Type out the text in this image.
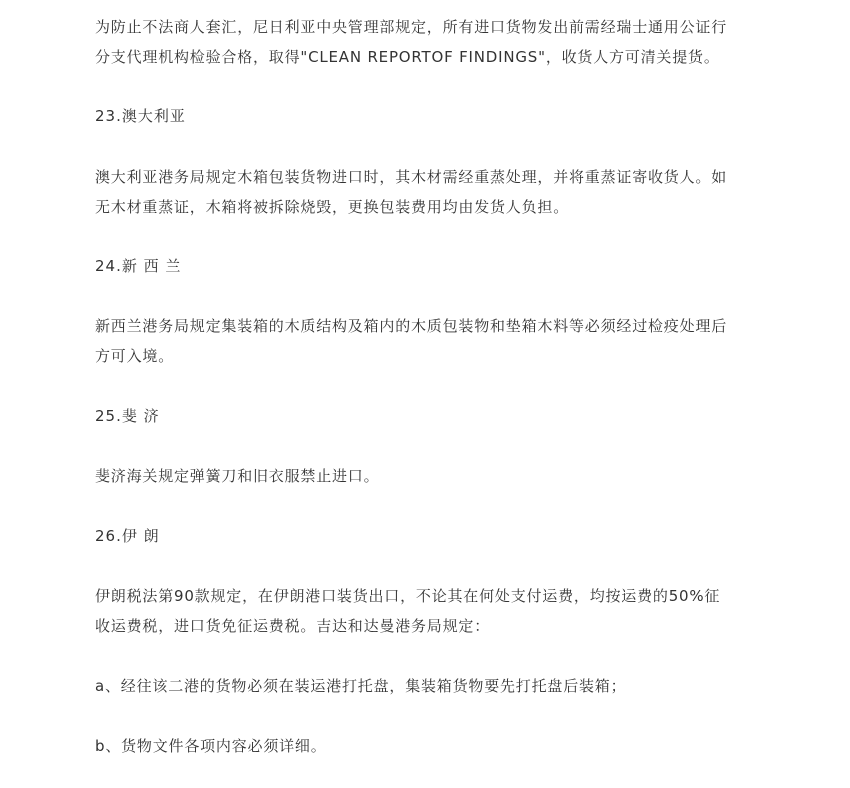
为防止不法商人套汇，尼日利亚中央管理部规定，所有进口货物发出前需经瑞士通用公证行
分支代理机构检验合格，取得"CLEAN REPORTOF FINDINGS"，收货人方可清关提货。

23.澳大利亚

澳大利亚港务局规定木箱包装货物进口时，其木材需经重蒸处理，并将重蒸证寄收货人。如
无木材重蒸证，木箱将被拆除烧毁，更换包装费用均由发货人负担。

24.新 西 兰

新西兰港务局规定集装箱的木质结构及箱内的木质包装物和垫箱木料等必须经过检疫处理后
方可入境。

25.斐 济

斐济海关规定弹簧刀和旧衣服禁止进口。

26.伊 朗

伊朗税法第90款规定，在伊朗港口装货出口，不论其在何处支付运费，均按运费的50%征
收运费税，进口货免征运费税。吉达和达曼港务局规定：

a、经往该二港的货物必须在装运港打托盘，集装箱货物要先打托盘后装箱；

b、货物文件各项内容必须详细。
